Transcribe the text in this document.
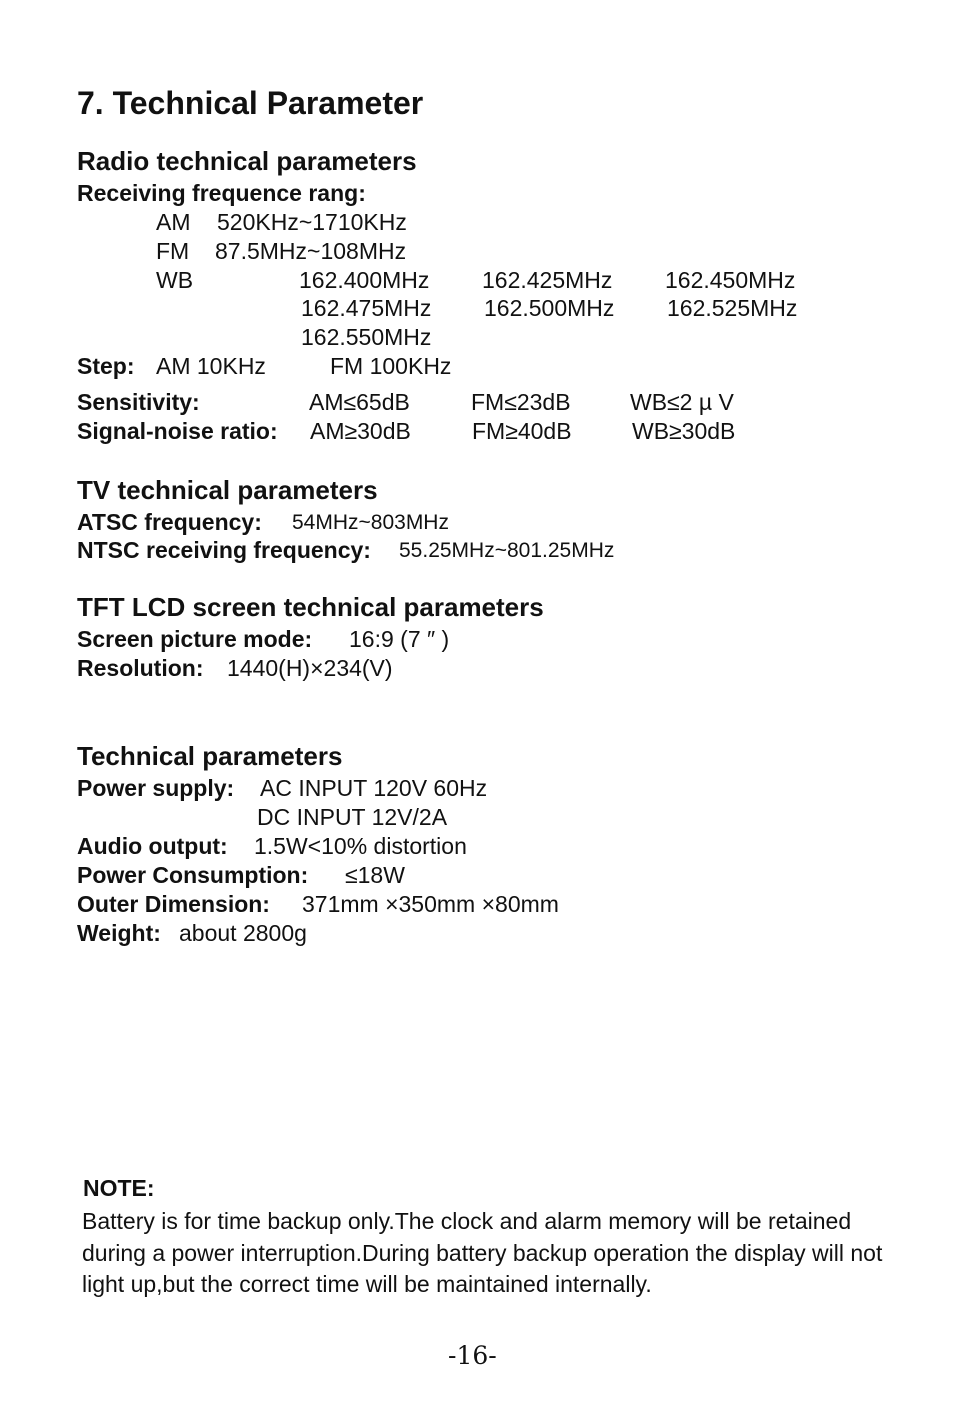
7. Technical Parameter
Radio technical parameters
Receiving frequence rang:
AM 520KHz~1710KHz
FM 87.5MHz~108MHz
WB	162.400MHz 162.425MHz 162.450MHz
162.475MHz 162.500MHz 162.525MHz
162.550MHz
Step: AM 10KHz	FM 100KHz
Sensitivity:	AM≤65dB	FM≤23dB	WB≤2 µ V
Signal-noise ratio: AM≥30dB	FM≥40dB	WB≥30dB
TV technical parameters
ATSC frequency: 54MHz~803MHz
NTSC receiving frequency: 55.25MHz~801.25MHz
TFT LCD screen technical parameters
Screen picture mode: 16:9 (7 ″ )
Resolution: 1440(H)×234(V)
Technical parameters
Power supply: AC INPUT 120V 60Hz
DC INPUT 12V/2A
Audio output: 1.5W<10% distortion
Power Consumption: ≤18W
Outer Dimension: 371mm ×350mm ×80mm
Weight: about 2800g
NOTE:

Battery is for time backup only.The clock and alarm memory will be retained during a power interruption.During battery backup operation the display will not light up,but the correct time will be maintained internally.

-16-
